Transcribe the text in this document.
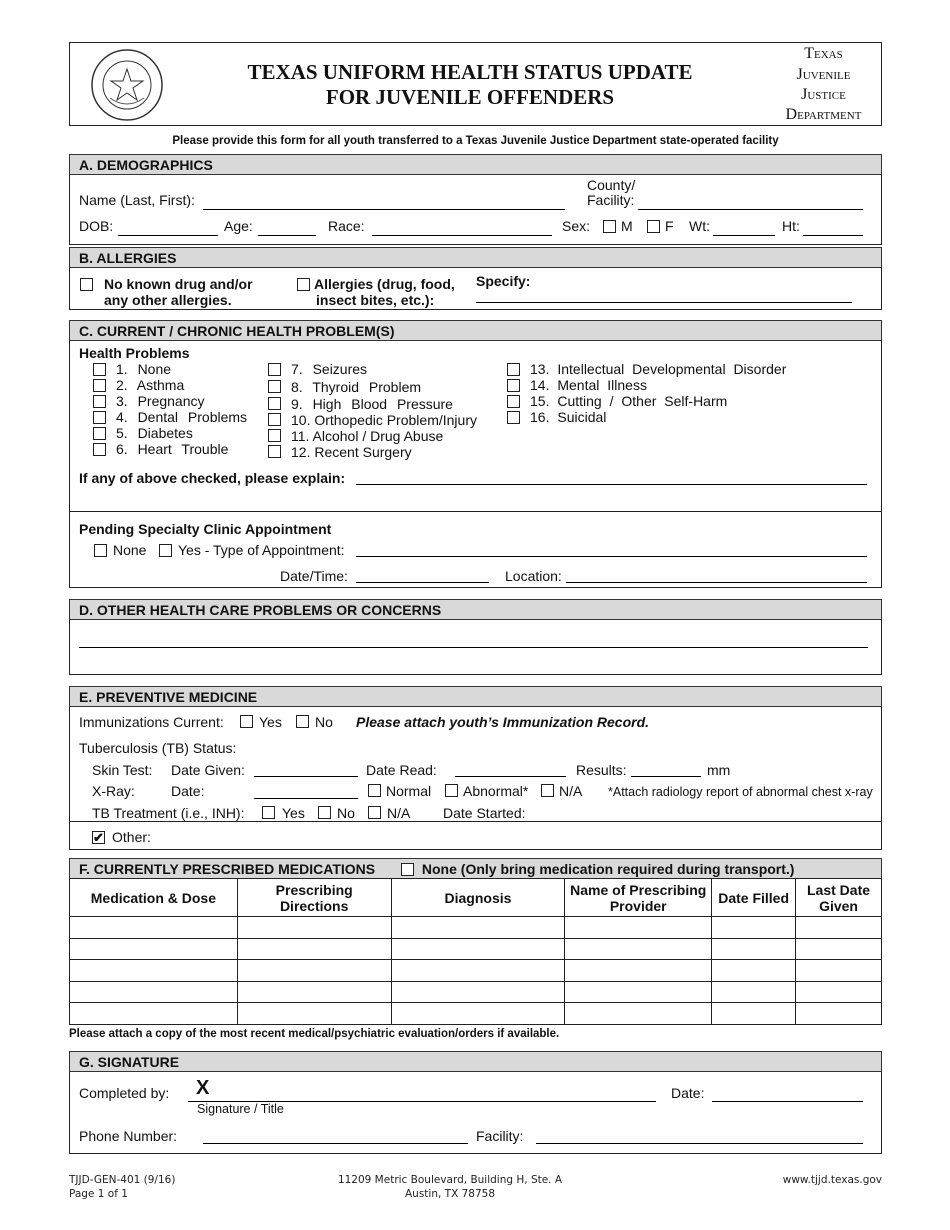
TEXAS UNIFORM HEALTH STATUS UPDATE
FOR JUVENILE OFFENDERS
Texas
Juvenile
Justice
Department
Please provide this form for all youth transferred to a Texas Juvenile Justice Department state-operated facility
A. DEMOGRAPHICS
Name (Last, First):
County/
Facility:
DOB:	Age:	Race:	Sex: M F Wt:	Ht:
B. ALLERGIES
No known drug and/or
any other allergies.
Allergies (drug, food,
insect bites, etc.):
Specify:
C. CURRENT / CHRONIC HEALTH PROBLEM(S)
Health Problems
1. None
2. Asthma
3. Pregnancy
4. Dental Problems
5. Diabetes
6. Heart Trouble
7. Seizures
8. Thyroid Problem
9. High Blood Pressure
10. Orthopedic Problem/Injury
11. Alcohol / Drug Abuse
12. Recent Surgery
13. Intellectual Developmental Disorder
14. Mental Illness
15. Cutting / Other Self-Harm
16. Suicidal
If any of above checked, please explain:
Pending Specialty Clinic Appointment
None Yes - Type of Appointment:
Date/Time:	Location:
D. OTHER HEALTH CARE PROBLEMS OR CONCERNS
E. PREVENTIVE MEDICINE
Immunizations Current:	Yes No Please attach youth’s Immunization Record.
Tuberculosis (TB) Status:
Skin Test: Date Given:	Date Read:	Results:	mm
X-Ray:	Date:	Normal Abnormal* N/A *Attach radiology report of abnormal chest x-ray
TB Treatment (i.e., INH):	Yes No N/A Date Started:
✔ Other:
F. CURRENTLY PRESCRIBED MEDICATIONS	None (Only bring medication required during transport.)
Medication & Dose	Prescribing Directions	Diagnosis	Name of Prescribing Provider	Date Filled	Last Date Given

Please attach a copy of the most recent medical/psychiatric evaluation/orders if available.
G. SIGNATURE
Completed by: X
Signature / Title
Date:
Phone Number:	Facility:
TJJD-GEN-401 (9/16)
Page 1 of 1
11209 Metric Boulevard, Building H, Ste. A
Austin, TX 78758
www.tjjd.texas.gov
